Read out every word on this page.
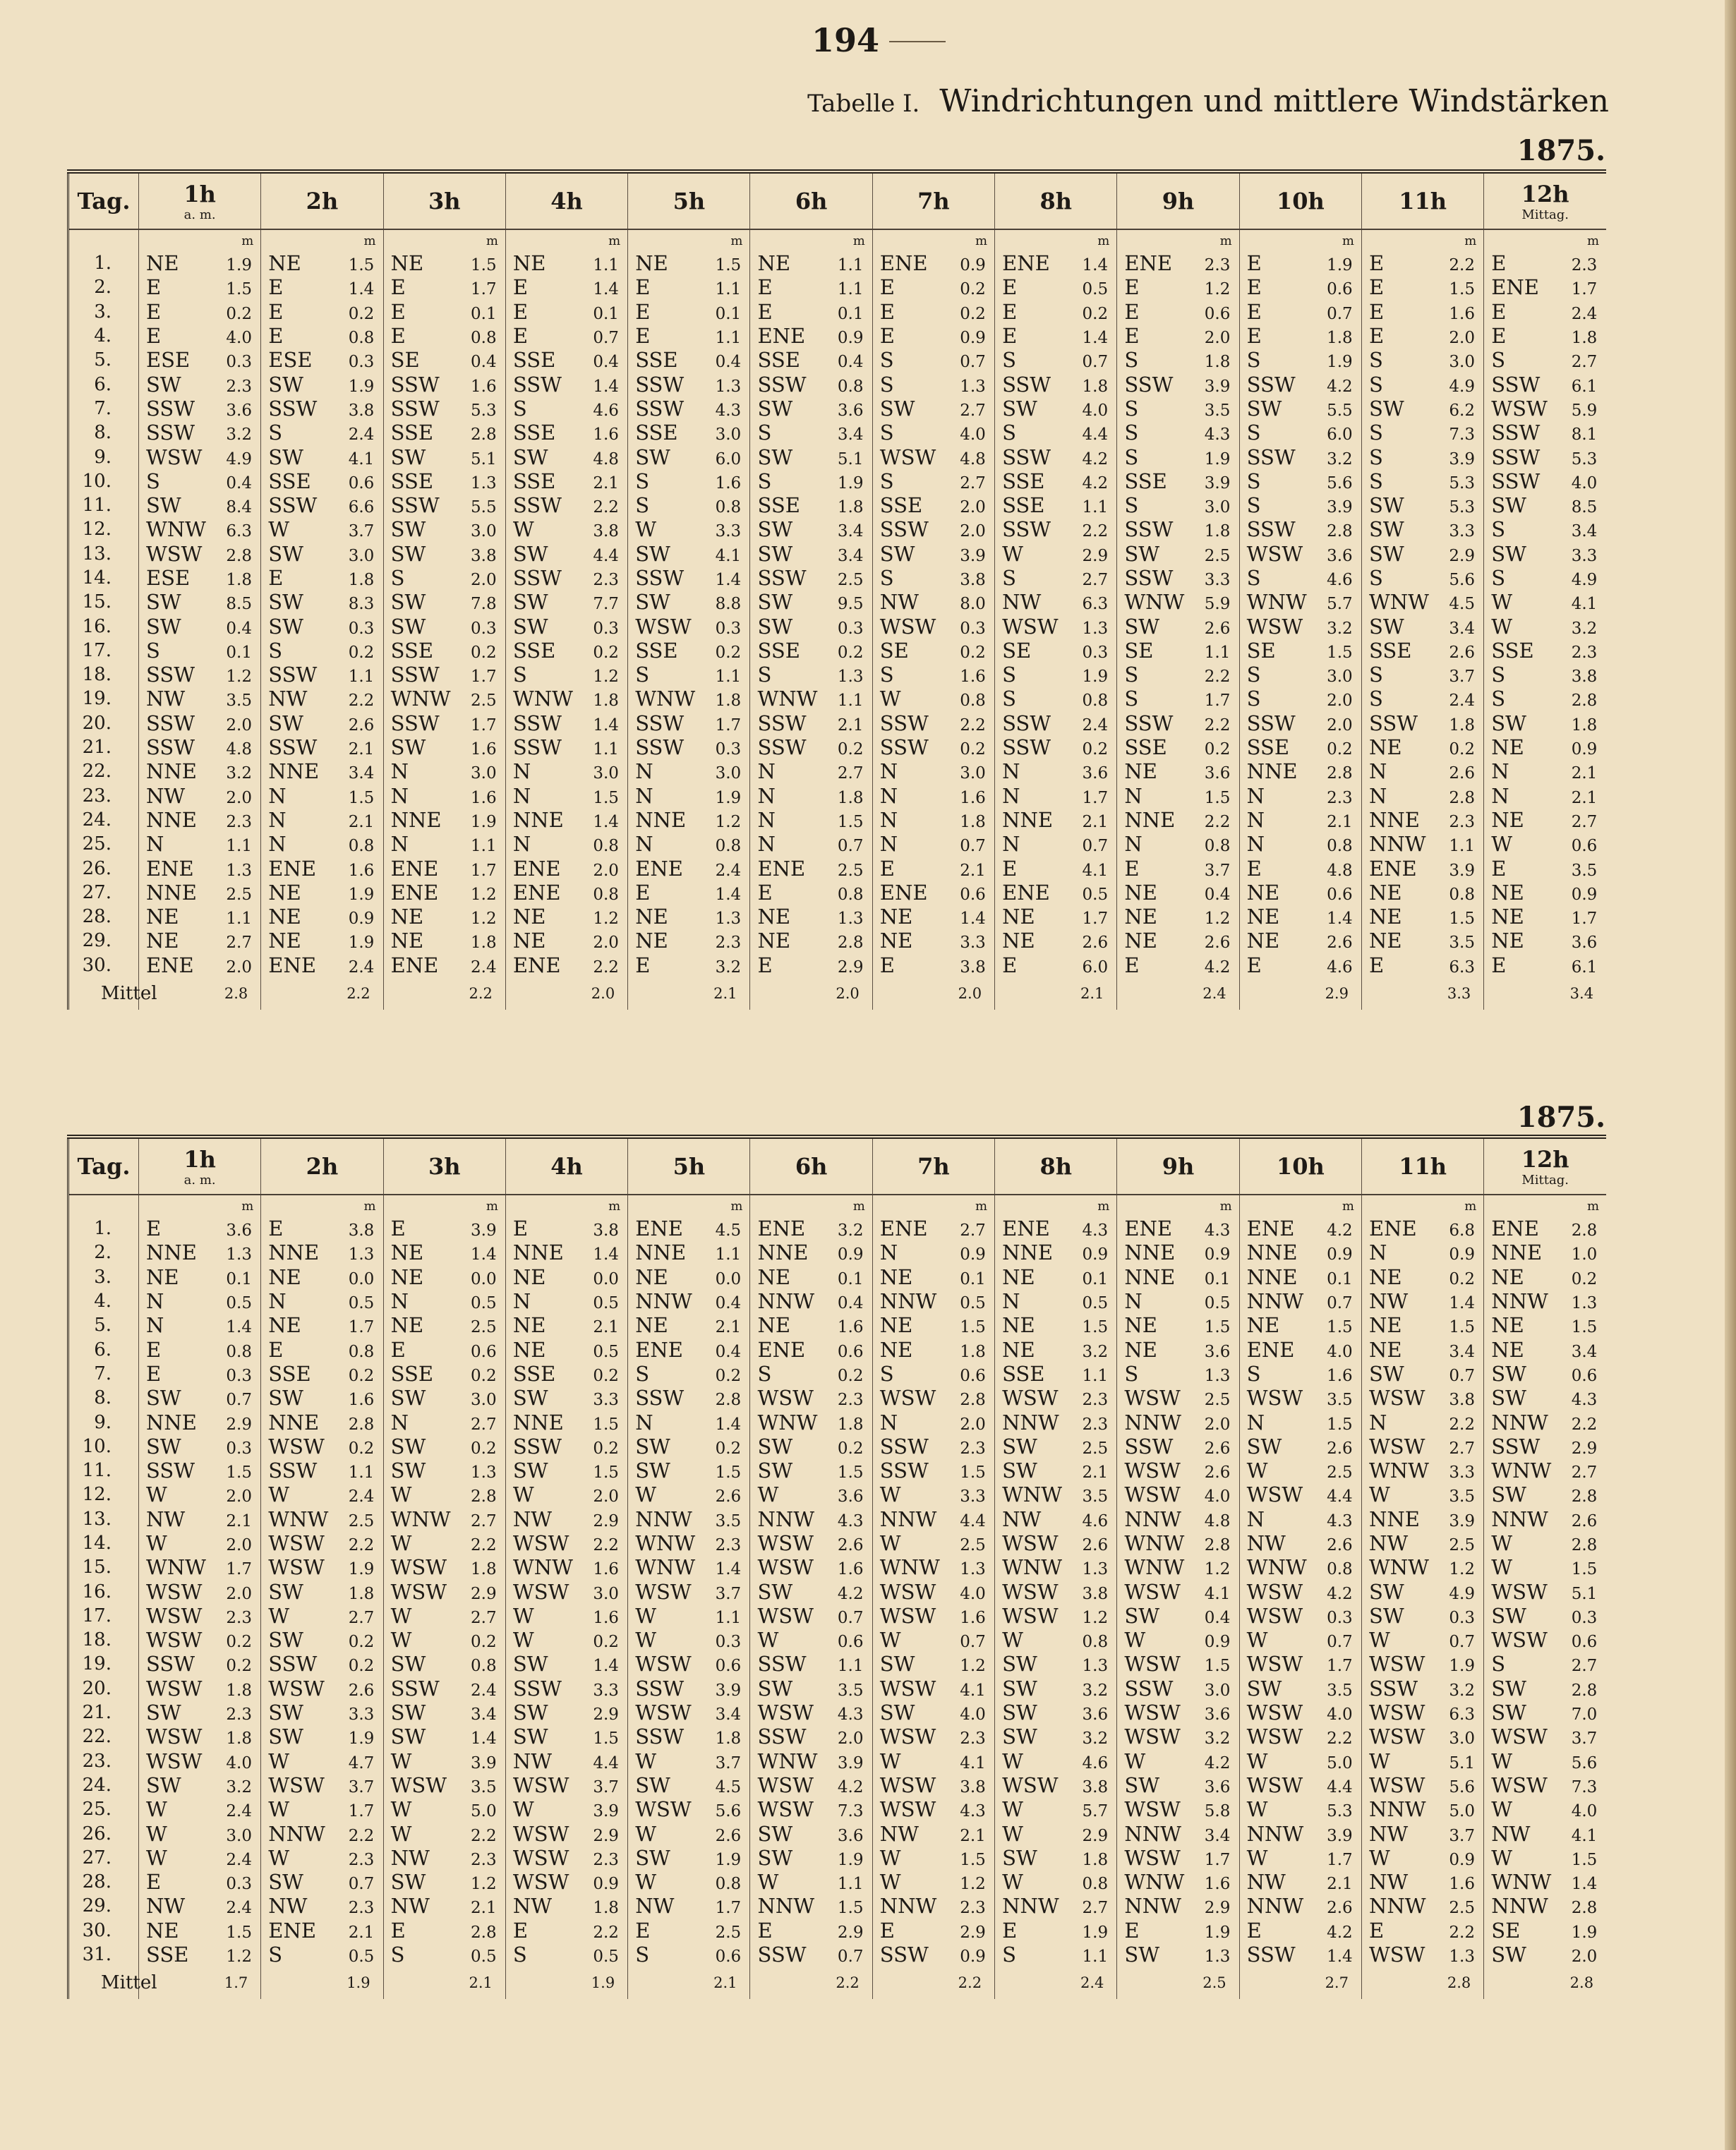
194
Tabelle I. Windrichtungen und mittlere Windstärken
1875.
Tag.	1h
a. m.	2h	3h	4h	5h	6h	7h	8h	9h	10h	11h	12h
Mittag.

	m	m	m	m	m	m	m	m	m	m	m	m
1.	NE 1.9	NE 1.5	NE 1.5	NE 1.1	NE 1.5	NE 1.1	ENE 0.9	ENE 1.4	ENE 2.3	E 1.9	E 2.2	E 2.3
2.	E 1.5	E 1.4	E 1.7	E 1.4	E 1.1	E 1.1	E 0.2	E 0.5	E 1.2	E 0.6	E 1.5	ENE 1.7
3.	E 0.2	E 0.2	E 0.1	E 0.1	E 0.1	E 0.1	E 0.2	E 0.2	E 0.6	E 0.7	E 1.6	E 2.4
4.	E 4.0	E 0.8	E 0.8	E 0.7	E 1.1	ENE 0.9	E 0.9	E 1.4	E 2.0	E 1.8	E 2.0	E 1.8
5.	ESE 0.3	ESE 0.3	SE 0.4	SSE 0.4	SSE 0.4	SSE 0.4	S 0.7	S 0.7	S 1.8	S 1.9	S 3.0	S 2.7
6.	SW 2.3	SW 1.9	SSW 1.6	SSW 1.4	SSW 1.3	SSW 0.8	S 1.3	SSW 1.8	SSW 3.9	SSW 4.2	S 4.9	SSW 6.1
7.	SSW 3.6	SSW 3.8	SSW 5.3	S 4.6	SSW 4.3	SW 3.6	SW 2.7	SW 4.0	S 3.5	SW 5.5	SW 6.2	WSW 5.9
8.	SSW 3.2	S 2.4	SSE 2.8	SSE 1.6	SSE 3.0	S 3.4	S 4.0	S 4.4	S 4.3	S 6.0	S 7.3	SSW 8.1
9.	WSW 4.9	SW 4.1	SW 5.1	SW 4.8	SW 6.0	SW 5.1	WSW 4.8	SSW 4.2	S 1.9	SSW 3.2	S 3.9	SSW 5.3
10.	S 0.4	SSE 0.6	SSE 1.3	SSE 2.1	S 1.6	S 1.9	S 2.7	SSE 4.2	SSE 3.9	S 5.6	S 5.3	SSW 4.0
11.	SW 8.4	SSW 6.6	SSW 5.5	SSW 2.2	S 0.8	SSE 1.8	SSE 2.0	SSE 1.1	S 3.0	S 3.9	SW 5.3	SW 8.5
12.	WNW 6.3	W 3.7	SW 3.0	W 3.8	W 3.3	SW 3.4	SSW 2.0	SSW 2.2	SSW 1.8	SSW 2.8	SW 3.3	S 3.4
13.	WSW 2.8	SW 3.0	SW 3.8	SW 4.4	SW 4.1	SW 3.4	SW 3.9	W 2.9	SW 2.5	WSW 3.6	SW 2.9	SW 3.3
14.	ESE 1.8	E 1.8	S 2.0	SSW 2.3	SSW 1.4	SSW 2.5	S 3.8	S 2.7	SSW 3.3	S 4.6	S 5.6	S 4.9
15.	SW 8.5	SW 8.3	SW 7.8	SW 7.7	SW 8.8	SW 9.5	NW 8.0	NW 6.3	WNW 5.9	WNW 5.7	WNW 4.5	W 4.1
16.	SW 0.4	SW 0.3	SW 0.3	SW 0.3	WSW 0.3	SW 0.3	WSW 0.3	WSW 1.3	SW 2.6	WSW 3.2	SW 3.4	W 3.2
17.	S 0.1	S 0.2	SSE 0.2	SSE 0.2	SSE 0.2	SSE 0.2	SE 0.2	SE 0.3	SE 1.1	SE 1.5	SSE 2.6	SSE 2.3
18.	SSW 1.2	SSW 1.1	SSW 1.7	S 1.2	S 1.1	S 1.3	S 1.6	S 1.9	S 2.2	S 3.0	S 3.7	S 3.8
19.	NW 3.5	NW 2.2	WNW 2.5	WNW 1.8	WNW 1.8	WNW 1.1	W 0.8	S 0.8	S 1.7	S 2.0	S 2.4	S 2.8
20.	SSW 2.0	SW 2.6	SSW 1.7	SSW 1.4	SSW 1.7	SSW 2.1	SSW 2.2	SSW 2.4	SSW 2.2	SSW 2.0	SSW 1.8	SW 1.8
21.	SSW 4.8	SSW 2.1	SW 1.6	SSW 1.1	SSW 0.3	SSW 0.2	SSW 0.2	SSW 0.2	SSE 0.2	SSE 0.2	NE 0.2	NE 0.9
22.	NNE 3.2	NNE 3.4	N 3.0	N 3.0	N 3.0	N 2.7	N 3.0	N 3.6	NE 3.6	NNE 2.8	N 2.6	N 2.1
23.	NW 2.0	N 1.5	N 1.6	N 1.5	N 1.9	N 1.8	N 1.6	N 1.7	N 1.5	N 2.3	N 2.8	N 2.1
24.	NNE 2.3	N 2.1	NNE 1.9	NNE 1.4	NNE 1.2	N 1.5	N 1.8	NNE 2.1	NNE 2.2	N 2.1	NNE 2.3	NE 2.7
25.	N 1.1	N 0.8	N 1.1	N 0.8	N 0.8	N 0.7	N 0.7	N 0.7	N 0.8	N 0.8	NNW 1.1	W 0.6
26.	ENE 1.3	ENE 1.6	ENE 1.7	ENE 2.0	ENE 2.4	ENE 2.5	E 2.1	E 4.1	E 3.7	E 4.8	ENE 3.9	E 3.5
27.	NNE 2.5	NE 1.9	ENE 1.2	ENE 0.8	E 1.4	E 0.8	ENE 0.6	ENE 0.5	NE 0.4	NE 0.6	NE 0.8	NE 0.9
28.	NE 1.1	NE 0.9	NE 1.2	NE 1.2	NE 1.3	NE 1.3	NE 1.4	NE 1.7	NE 1.2	NE 1.4	NE 1.5	NE 1.7
29.	NE 2.7	NE 1.9	NE 1.8	NE 2.0	NE 2.3	NE 2.8	NE 3.3	NE 2.6	NE 2.6	NE 2.6	NE 3.5	NE 3.6
30.	ENE 2.0	ENE 2.4	ENE 2.4	ENE 2.2	E 3.2	E 2.9	E 3.8	E 6.0	E 4.2	E 4.6	E 6.3	E 6.1
Mittel	2.8	2.2	2.2	2.0	2.1	2.0	2.0	2.1	2.4	2.9	3.3	3.4
1875.
Tag.	1h
a. m.	2h	3h	4h	5h	6h	7h	8h	9h	10h	11h	12h
Mittag.

	m	m	m	m	m	m	m	m	m	m	m	m
1.	E 3.6	E 3.8	E 3.9	E 3.8	ENE 4.5	ENE 3.2	ENE 2.7	ENE 4.3	ENE 4.3	ENE 4.2	ENE 6.8	ENE 2.8
2.	NNE 1.3	NNE 1.3	NE 1.4	NNE 1.4	NNE 1.1	NNE 0.9	N 0.9	NNE 0.9	NNE 0.9	NNE 0.9	N 0.9	NNE 1.0
3.	NE 0.1	NE 0.0	NE 0.0	NE 0.0	NE 0.0	NE 0.1	NE 0.1	NE 0.1	NNE 0.1	NNE 0.1	NE 0.2	NE 0.2
4.	N 0.5	N 0.5	N 0.5	N 0.5	NNW 0.4	NNW 0.4	NNW 0.5	N 0.5	N 0.5	NNW 0.7	NW 1.4	NNW 1.3
5.	N 1.4	NE 1.7	NE 2.5	NE 2.1	NE 2.1	NE 1.6	NE 1.5	NE 1.5	NE 1.5	NE 1.5	NE 1.5	NE 1.5
6.	E 0.8	E 0.8	E 0.6	NE 0.5	ENE 0.4	ENE 0.6	NE 1.8	NE 3.2	NE 3.6	ENE 4.0	NE 3.4	NE 3.4
7.	E 0.3	SSE 0.2	SSE 0.2	SSE 0.2	S 0.2	S 0.2	S 0.6	SSE 1.1	S 1.3	S 1.6	SW 0.7	SW 0.6
8.	SW 0.7	SW 1.6	SW 3.0	SW 3.3	SSW 2.8	WSW 2.3	WSW 2.8	WSW 2.3	WSW 2.5	WSW 3.5	WSW 3.8	SW 4.3
9.	NNE 2.9	NNE 2.8	N 2.7	NNE 1.5	N 1.4	WNW 1.8	N 2.0	NNW 2.3	NNW 2.0	N 1.5	N 2.2	NNW 2.2
10.	SW 0.3	WSW 0.2	SW 0.2	SSW 0.2	SW 0.2	SW 0.2	SSW 2.3	SW 2.5	SSW 2.6	SW 2.6	WSW 2.7	SSW 2.9
11.	SSW 1.5	SSW 1.1	SW 1.3	SW 1.5	SW 1.5	SW 1.5	SSW 1.5	SW 2.1	WSW 2.6	W 2.5	WNW 3.3	WNW 2.7
12.	W 2.0	W 2.4	W 2.8	W 2.0	W 2.6	W 3.6	W 3.3	WNW 3.5	WSW 4.0	WSW 4.4	W 3.5	SW 2.8
13.	NW 2.1	WNW 2.5	WNW 2.7	NW 2.9	NNW 3.5	NNW 4.3	NNW 4.4	NW 4.6	NNW 4.8	N 4.3	NNE 3.9	NNW 2.6
14.	W 2.0	WSW 2.2	W 2.2	WSW 2.2	WNW 2.3	WSW 2.6	W 2.5	WSW 2.6	WNW 2.8	NW 2.6	NW 2.5	W 2.8
15.	WNW 1.7	WSW 1.9	WSW 1.8	WNW 1.6	WNW 1.4	WSW 1.6	WNW 1.3	WNW 1.3	WNW 1.2	WNW 0.8	WNW 1.2	W 1.5
16.	WSW 2.0	SW 1.8	WSW 2.9	WSW 3.0	WSW 3.7	SW 4.2	WSW 4.0	WSW 3.8	WSW 4.1	WSW 4.2	SW 4.9	WSW 5.1
17.	WSW 2.3	W 2.7	W 2.7	W 1.6	W 1.1	WSW 0.7	WSW 1.6	WSW 1.2	SW 0.4	WSW 0.3	SW 0.3	SW 0.3
18.	WSW 0.2	SW 0.2	W 0.2	W 0.2	W 0.3	W 0.6	W 0.7	W 0.8	W 0.9	W 0.7	W 0.7	WSW 0.6
19.	SSW 0.2	SSW 0.2	SW 0.8	SW 1.4	WSW 0.6	SSW 1.1	SW 1.2	SW 1.3	WSW 1.5	WSW 1.7	WSW 1.9	S 2.7
20.	WSW 1.8	WSW 2.6	SSW 2.4	SSW 3.3	SSW 3.9	SW 3.5	WSW 4.1	SW 3.2	SSW 3.0	SW 3.5	SSW 3.2	SW 2.8
21.	SW 2.3	SW 3.3	SW 3.4	SW 2.9	WSW 3.4	WSW 4.3	SW 4.0	SW 3.6	WSW 3.6	WSW 4.0	WSW 6.3	SW 7.0
22.	WSW 1.8	SW 1.9	SW 1.4	SW 1.5	SSW 1.8	SSW 2.0	WSW 2.3	SW 3.2	WSW 3.2	WSW 2.2	WSW 3.0	WSW 3.7
23.	WSW 4.0	W 4.7	W 3.9	NW 4.4	W 3.7	WNW 3.9	W 4.1	W 4.6	W 4.2	W 5.0	W 5.1	W 5.6
24.	SW 3.2	WSW 3.7	WSW 3.5	WSW 3.7	SW 4.5	WSW 4.2	WSW 3.8	WSW 3.8	SW 3.6	WSW 4.4	WSW 5.6	WSW 7.3
25.	W 2.4	W 1.7	W 5.0	W 3.9	WSW 5.6	WSW 7.3	WSW 4.3	W 5.7	WSW 5.8	W 5.3	NNW 5.0	W 4.0
26.	W 3.0	NNW 2.2	W 2.2	WSW 2.9	W 2.6	SW 3.6	NW 2.1	W 2.9	NNW 3.4	NNW 3.9	NW 3.7	NW 4.1
27.	W 2.4	W 2.3	NW 2.3	WSW 2.3	SW 1.9	SW 1.9	W 1.5	SW 1.8	WSW 1.7	W 1.7	W 0.9	W 1.5
28.	E 0.3	SW 0.7	SW 1.2	WSW 0.9	W 0.8	W 1.1	W 1.2	W 0.8	WNW 1.6	NW 2.1	NW 1.6	WNW 1.4
29.	NW 2.4	NW 2.3	NW 2.1	NW 1.8	NW 1.7	NNW 1.5	NNW 2.3	NNW 2.7	NNW 2.9	NNW 2.6	NNW 2.5	NNW 2.8
30.	NE 1.5	ENE 2.1	E 2.8	E 2.2	E 2.5	E 2.9	E 2.9	E 1.9	E 1.9	E 4.2	E 2.2	SE 1.9
31.	SSE 1.2	S 0.5	S 0.5	S 0.5	S 0.6	SSW 0.7	SSW 0.9	S 1.1	SW 1.3	SSW 1.4	WSW 1.3	SW 2.0
Mittel	1.7	1.9	2.1	1.9	2.1	2.2	2.2	2.4	2.5	2.7	2.8	2.8
